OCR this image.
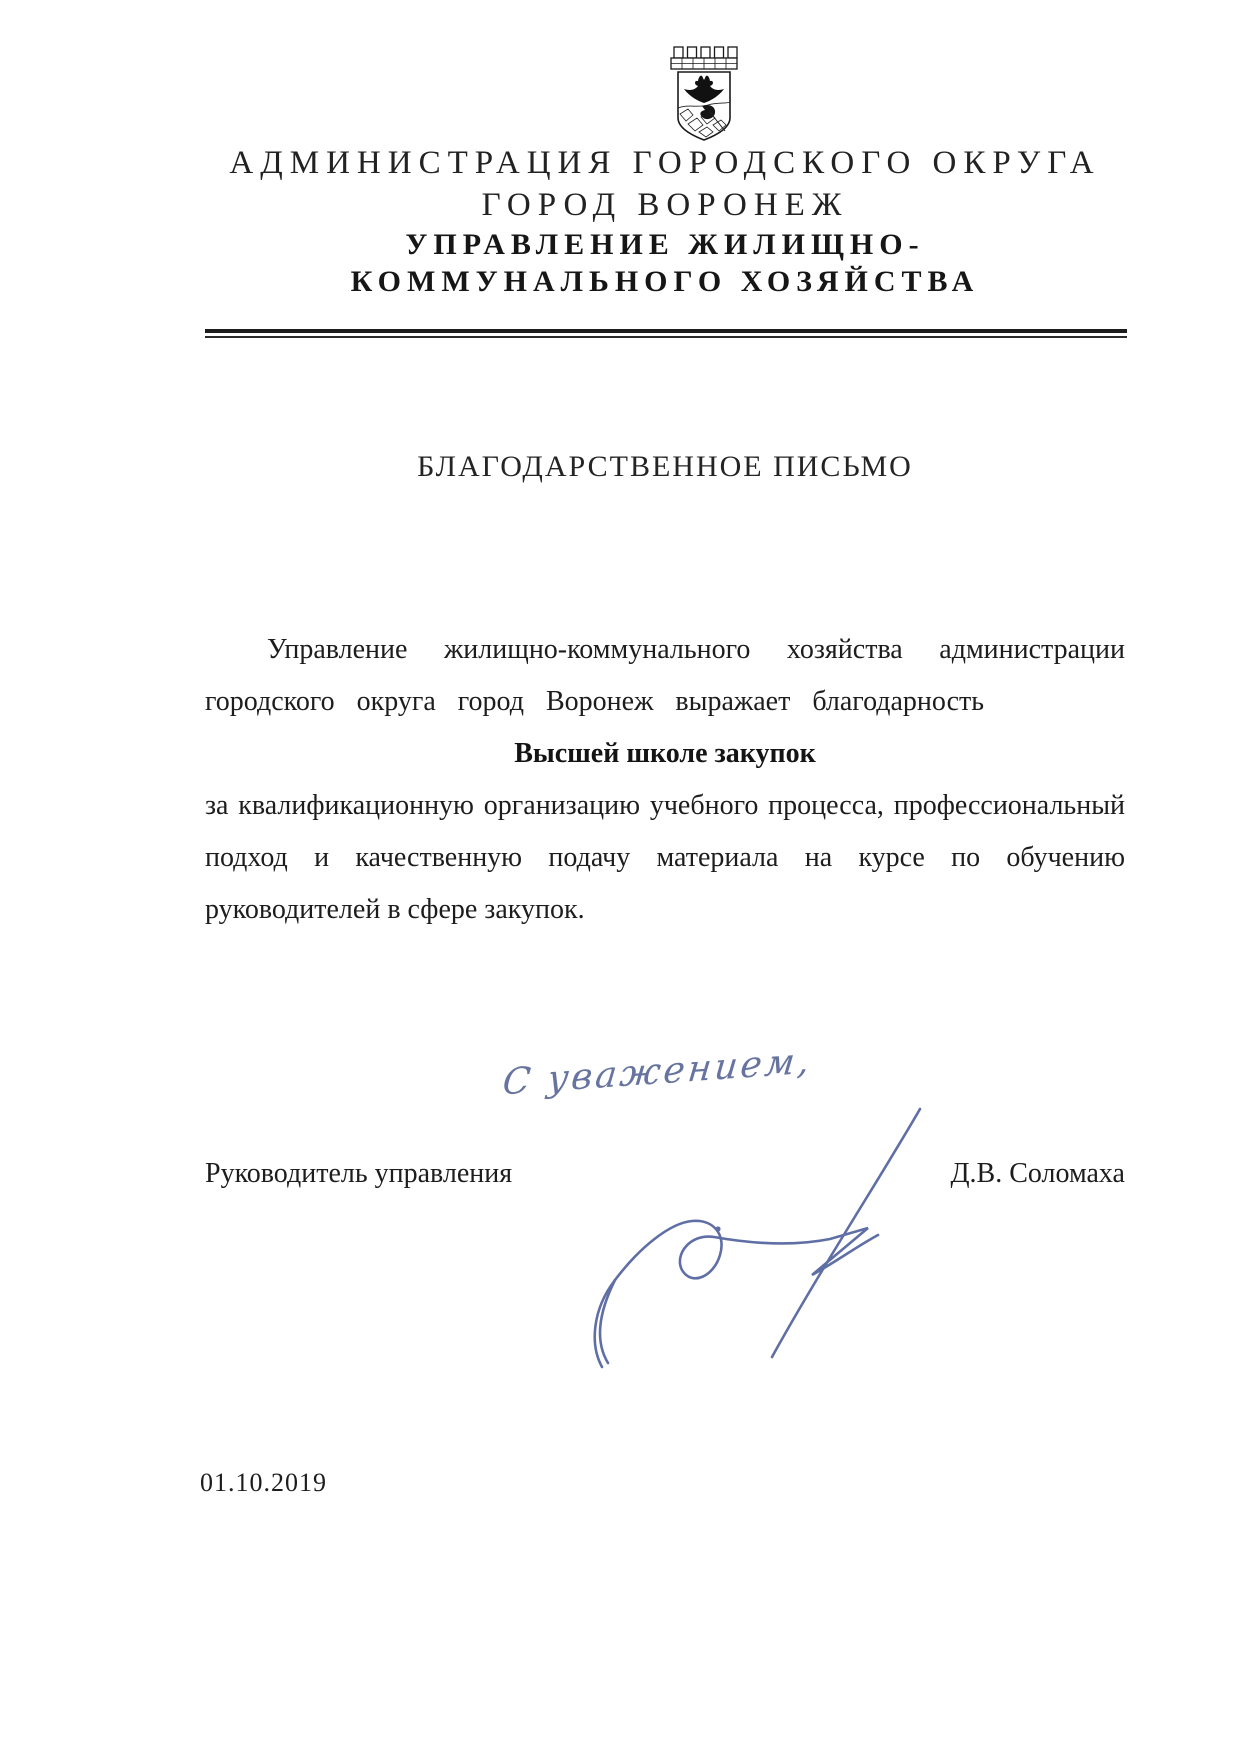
АДМИНИСТРАЦИЯ ГОРОДСКОГО ОКРУГА
ГОРОД ВОРОНЕЖ
УПРАВЛЕНИЕ ЖИЛИЩНО-
КОММУНАЛЬНОГО ХОЗЯЙСТВА
БЛАГОДАРСТВЕННОЕ ПИСЬМО
Управление жилищно-коммунального хозяйства администрации
городского округа город Воронеж выражает благодарность
Высшей школе закупок
за квалификационную организацию учебного процесса, профессиональный
подход и качественную подачу материала на курсе по обучению
руководителей в сфере закупок.
С уважением,
Руководитель управления	Д.В. Соломаха
01.10.2019
